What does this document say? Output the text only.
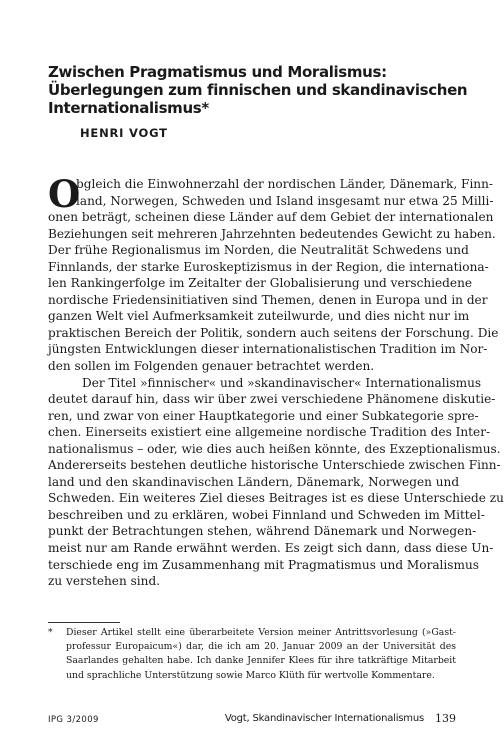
Zwischen Pragmatismus und Moralismus:
Überlegungen zum finnischen und skandinavischen
Internationalismus*
HENRI VOGT
O
bgleich die Einwohnerzahl der nordischen Länder, Dänemark, Finn-
land, Norwegen, Schweden und Island insgesamt nur etwa 25 Milli-
onen beträgt, scheinen diese Länder auf dem Gebiet der internationalen
Beziehungen seit mehreren Jahrzehnten bedeutendes Gewicht zu haben.
Der frühe Regionalismus im Norden, die Neutralität Schwedens und
Finnlands, der starke Euroskeptizismus in der Region, die internationa-
len Rankingerfolge im Zeitalter der Globalisierung und verschiedene
nordische Friedensinitiativen sind Themen, denen in Europa und in der
ganzen Welt viel Aufmerksamkeit zuteilwurde, und dies nicht nur im
praktischen Bereich der Politik, sondern auch seitens der Forschung. Die
jüngsten Entwicklungen dieser internationalistischen Tradition im Nor-
den sollen im Folgenden genauer betrachtet werden.
Der Titel »finnischer« und »skandinavischer« Internationalismus
deutet darauf hin, dass wir über zwei verschiedene Phänomene diskutie-
ren, und zwar von einer Hauptkategorie und einer Subkategorie spre-
chen. Einerseits existiert eine allgemeine nordische Tradition des Inter-
nationalismus – oder, wie dies auch heißen könnte, des Exzeptionalismus.
Andererseits bestehen deutliche historische Unterschiede zwischen Finn-
land und den skandinavischen Ländern, Dänemark, Norwegen und
Schweden. Ein weiteres Ziel dieses Beitrages ist es diese Unterschiede zu
beschreiben und zu erklären, wobei Finnland und Schweden im Mittel-
punkt der Betrachtungen stehen, während Dänemark und Norwegen-
meist nur am Rande erwähnt werden. Es zeigt sich dann, dass diese Un-
terschiede eng im Zusammenhang mit Pragmatismus und Moralismus
zu verstehen sind.
* Dieser Artikel stellt eine überarbeitete Version meiner Antrittsvorlesung (»Gast-
professur Europaicum«) dar, die ich am 20. Januar 2009 an der Universität des
Saarlandes gehalten habe. Ich danke Jennifer Klees für ihre tatkräftige Mitarbeit
und sprachliche Unterstützung sowie Marco Klüth für wertvolle Kommentare.
IPG 3/2009	Vogt, Skandinavischer Internationalismus 139
